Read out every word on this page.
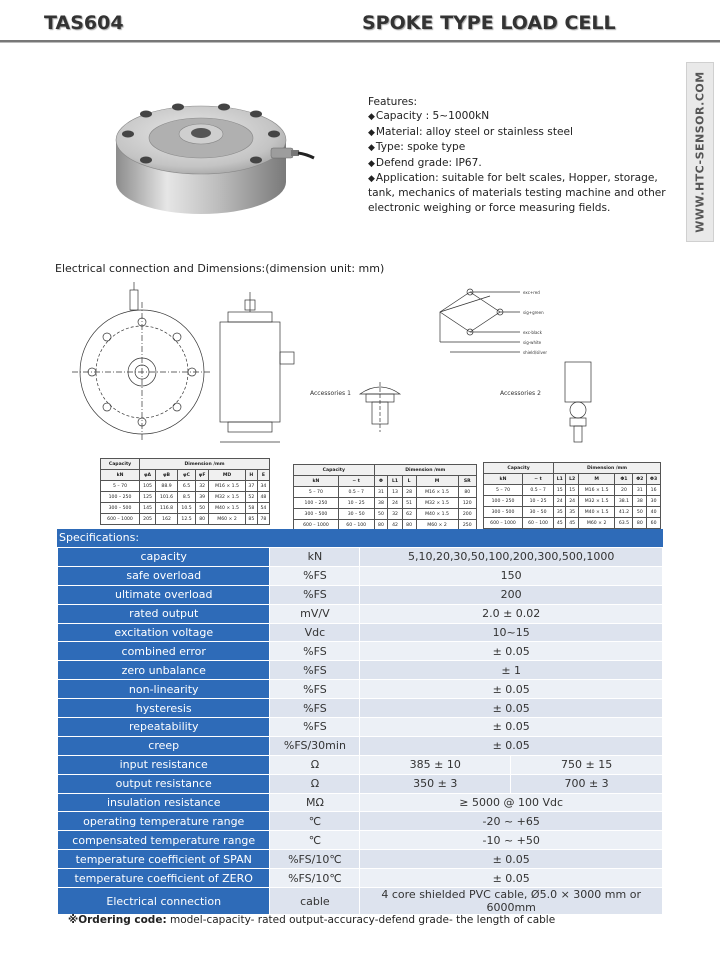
TAS604	SPOKE TYPE LOAD CELL
WWW.HTC-SENSOR.COM
Features:
◆ Capacity : 5~1000kN
◆ Material: alloy steel or stainless steel
◆ Type: spoke type
◆ Defend grade: IP67.
◆ Application: suitable for belt scales, Hopper, storage, tank, mechanics of materials testing machine and other electronic weighing or force measuring fields.
Electrical connection and Dimensions:(dimension unit: mm)
exc+red
sig+green
exc-black
sig-white
shield/silver
Accessories 1	Accessories 2
Capacity	Dimension /mm						
kN	φA	φB	φC	φF	MD	H	E
5 – 70	105	88.9	6.5	32	M16 × 1.5	37	34
100 – 250	125	101.6	8.5	39	M32 × 1.5	52	48
300 – 500	145	116.8	10.5	50	M40 × 1.5	58	54
600 – 1000	205	162	12.5	80	M60 × 2	85	78
Capacity		Dimension /mm				
kN	~ t	Φ	L1	L	M	SR
5 – 70	0.5 – 7	31	13	28	M16 × 1.5	80
100 – 250	10 – 25	38	24	51	M32 × 1.5	120
300 – 500	30 – 50	50	32	62	M40 × 1.5	200
600 – 1000	60 – 100	80	42	80	M60 × 2	250
Capacity		Dimension /mm					
kN	~ t	L1	L2	M	Φ1	Φ2	Φ3
5 – 70	0.5 – 7	15	15	M16 × 1.5	20	31	16
100 – 250	10 – 25	24	24	M32 × 1.5	38.1	38	30
300 – 500	30 – 50	35	35	M40 × 1.5	41.2	50	40
600 – 1000	60 – 100	45	45	M60 × 2	63.5	80	60
Specifications:
capacity	kN	5,10,20,30,50,100,200,300,500,1000	
safe overload	%FS	150	
ultimate overload	%FS	200	
rated output	mV/V	2.0 ± 0.02	
excitation voltage	Vdc	10~15	
combined error	%FS	± 0.05	
zero unbalance	%FS	± 1	
non-linearity	%FS	± 0.05	
hysteresis	%FS	± 0.05	
repeatability	%FS	± 0.05	
creep	%FS/30min	± 0.05	
input resistance	Ω	385 ± 10	750 ± 15
output resistance	Ω	350 ± 3	700 ± 3
insulation resistance	MΩ	≥ 5000 @ 100 Vdc	
operating temperature range	℃	-20 ~ +65	
compensated temperature range	℃	-10 ~ +50	
temperature coefficient of SPAN	%FS/10℃	± 0.05	
temperature coefficient of ZERO	%FS/10℃	± 0.05	
Electrical connection	cable	4 core shielded PVC cable, Ø5.0 × 3000 mm or 6000mm	
※Ordering code: model-capacity- rated output-accuracy-defend grade- the length of cable
